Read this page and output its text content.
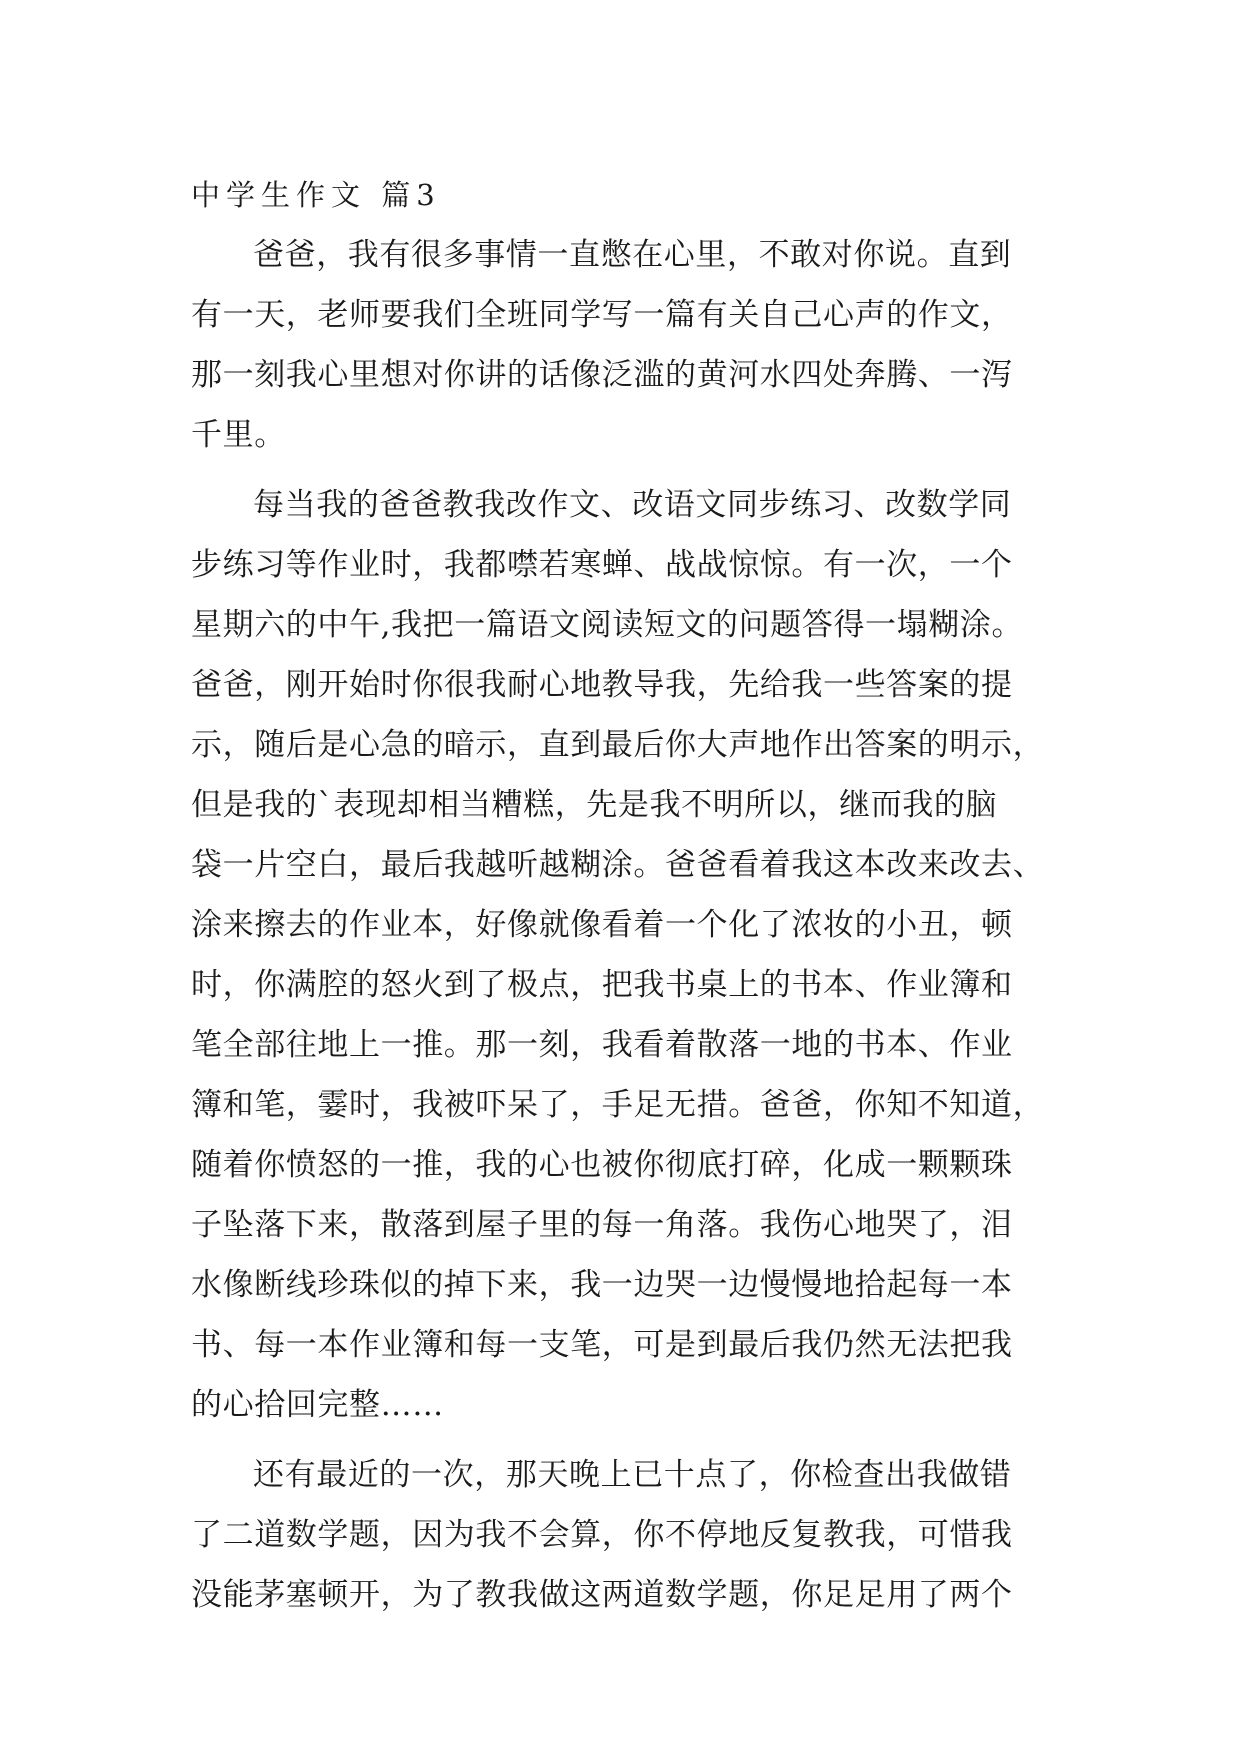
中学生作文 篇3
爸爸，我有很多事情一直憋在心里，不敢对你说。直到
有一天，老师要我们全班同学写一篇有关自己心声的作文，
那一刻我心里想对你讲的话像泛滥的黄河水四处奔腾、一泻
千里。
每当我的爸爸教我改作文、改语文同步练习、改数学同
步练习等作业时，我都噤若寒蝉、战战惊惊。有一次，一个
星期六的中午,我把一篇语文阅读短文的问题答得一塌糊涂。
爸爸，刚开始时你很我耐心地教导我，先给我一些答案的提
示，随后是心急的暗示，直到最后你大声地作出答案的明示，
但是我的`表现却相当糟糕，先是我不明所以，继而我的脑
袋一片空白，最后我越听越糊涂。爸爸看着我这本改来改去、
涂来擦去的作业本，好像就像看着一个化了浓妆的小丑，顿
时，你满腔的怒火到了极点，把我书桌上的书本、作业簿和
笔全部往地上一推。那一刻，我看着散落一地的书本、作业
簿和笔，霎时，我被吓呆了，手足无措。爸爸，你知不知道，
随着你愤怒的一推，我的心也被你彻底打碎，化成一颗颗珠
子坠落下来，散落到屋子里的每一角落。我伤心地哭了，泪
水像断线珍珠似的掉下来，我一边哭一边慢慢地拾起每一本
书、每一本作业簿和每一支笔，可是到最后我仍然无法把我
的心拾回完整……
还有最近的一次，那天晚上已十点了，你检查出我做错
了二道数学题，因为我不会算，你不停地反复教我，可惜我
没能茅塞顿开，为了教我做这两道数学题，你足足用了两个
